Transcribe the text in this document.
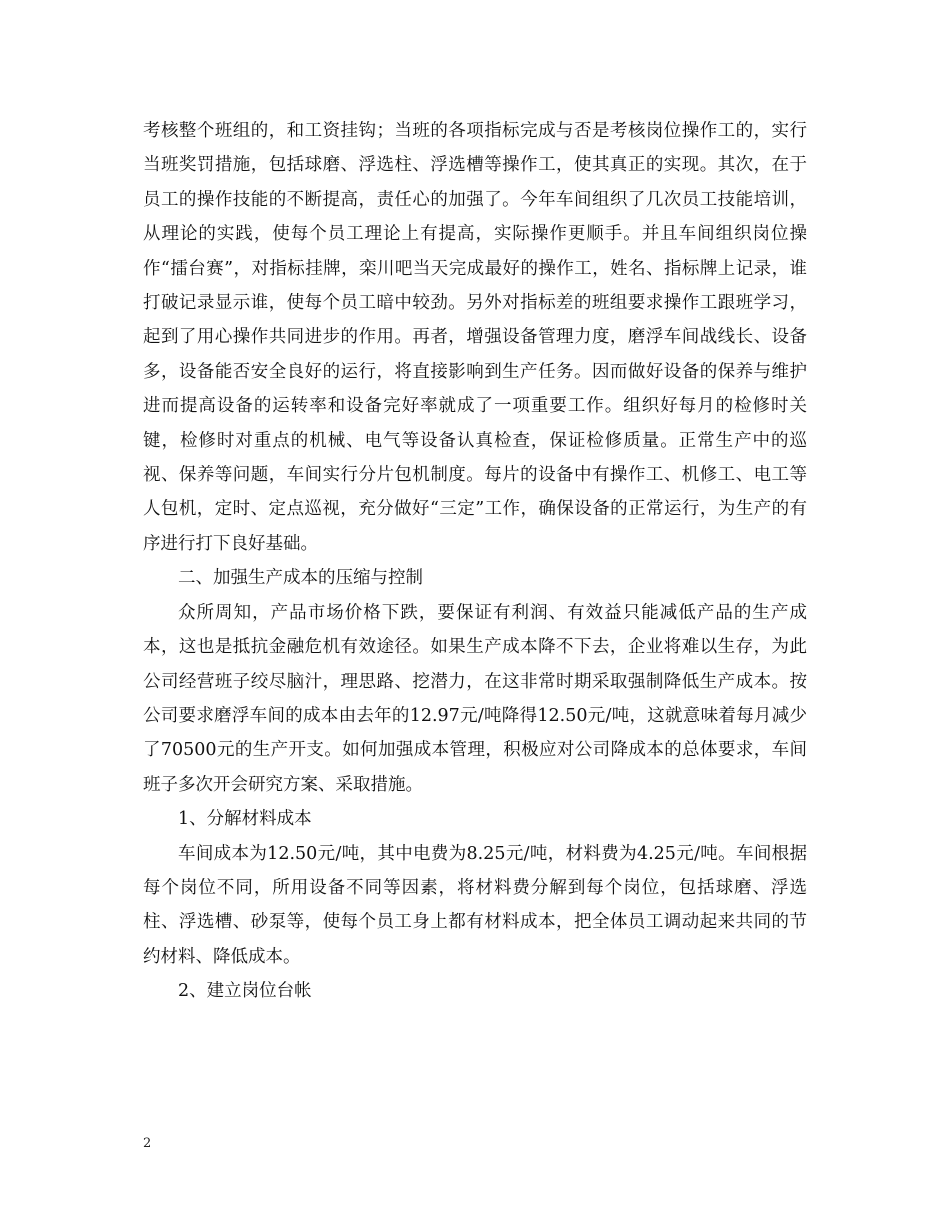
考核整个班组的，和工资挂钩；当班的各项指标完成与否是考核岗位操作工的，实行当班奖罚措施，包括球磨、浮选柱、浮选槽等操作工，使其真正的实现。其次，在于员工的操作技能的不断提高，责任心的加强了。今年车间组织了几次员工技能培训，从理论的实践，使每个员工理论上有提高，实际操作更顺手。并且车间组织岗位操作“擂台赛”，对指标挂牌，栾川吧当天完成最好的操作工，姓名、指标牌上记录，谁打破记录显示谁，使每个员工暗中较劲。另外对指标差的班组要求操作工跟班学习，起到了用心操作共同进步的作用。再者，增强设备管理力度，磨浮车间战线长、设备多，设备能否安全良好的运行，将直接影响到生产任务。因而做好设备的保养与维护进而提高设备的运转率和设备完好率就成了一项重要工作。组织好每月的检修时关键，检修时对重点的机械、电气等设备认真检查，保证检修质量。正常生产中的巡视、保养等问题，车间实行分片包机制度。每片的设备中有操作工、机修工、电工等人包机，定时、定点巡视，充分做好“三定”工作，确保设备的正常运行，为生产的有序进行打下良好基础。

二、加强生产成本的压缩与控制

众所周知，产品市场价格下跌，要保证有利润、有效益只能减低产品的生产成本，这也是抵抗金融危机有效途径。如果生产成本降不下去，企业将难以生存，为此公司经营班子绞尽脑汁，理思路、挖潜力，在这非常时期采取强制降低生产成本。按公司要求磨浮车间的成本由去年的12.97元/吨降得12.50元/吨，这就意味着每月减少了70500元的生产开支。如何加强成本管理，积极应对公司降成本的总体要求，车间班子多次开会研究方案、采取措施。

1、分解材料成本

车间成本为12.50元/吨，其中电费为8.25元/吨，材料费为4.25元/吨。车间根据每个岗位不同，所用设备不同等因素，将材料费分解到每个岗位，包括球磨、浮选柱、浮选槽、砂泵等，使每个员工身上都有材料成本，把全体员工调动起来共同的节约材料、降低成本。

2、建立岗位台帐

2
